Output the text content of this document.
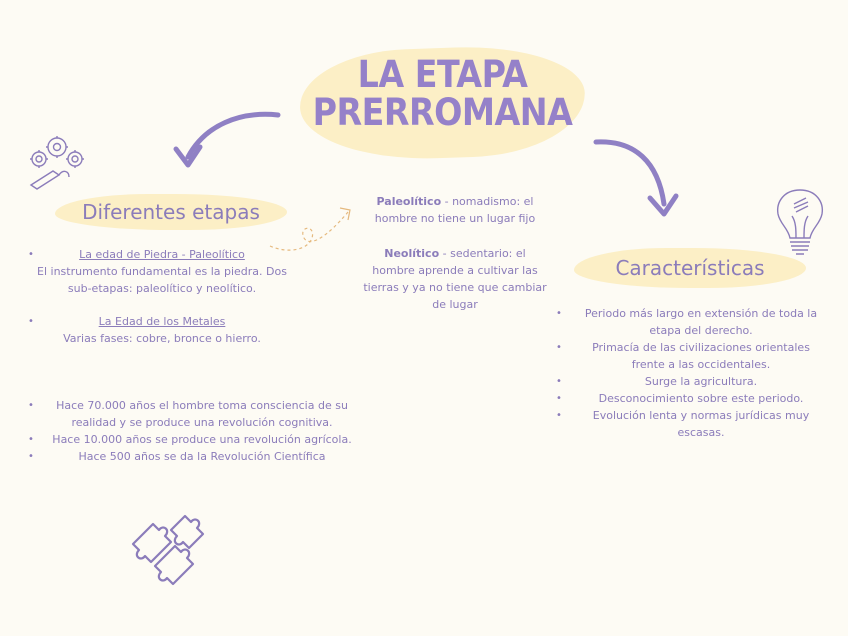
LA ETAPA
PRERROMANA
Diferentes etapas
• La edad de Piedra - Paleolítico
El instrumento fundamental es la piedra. Dos sub-etapas: paleolítico y neolítico.
• La Edad de los Metales
Varias fases: cobre, bronce o hierro.
• Hace 70.000 años el hombre toma consciencia de su realidad y se produce una revolución cognitiva.
• Hace 10.000 años se produce una revolución agrícola.
• Hace 500 años se da la Revolución Científica
Paleolítico - nomadismo: el hombre no tiene un lugar fijo
Neolítico - sedentario: el hombre aprende a cultivar las tierras y ya no tiene que cambiar de lugar
Características
• Periodo más largo en extensión de toda la etapa del derecho.
• Primacía de las civilizaciones orientales frente a las occidentales.
• Surge la agricultura.
• Desconocimiento sobre este periodo.
• Evolución lenta y normas jurídicas muy escasas.
